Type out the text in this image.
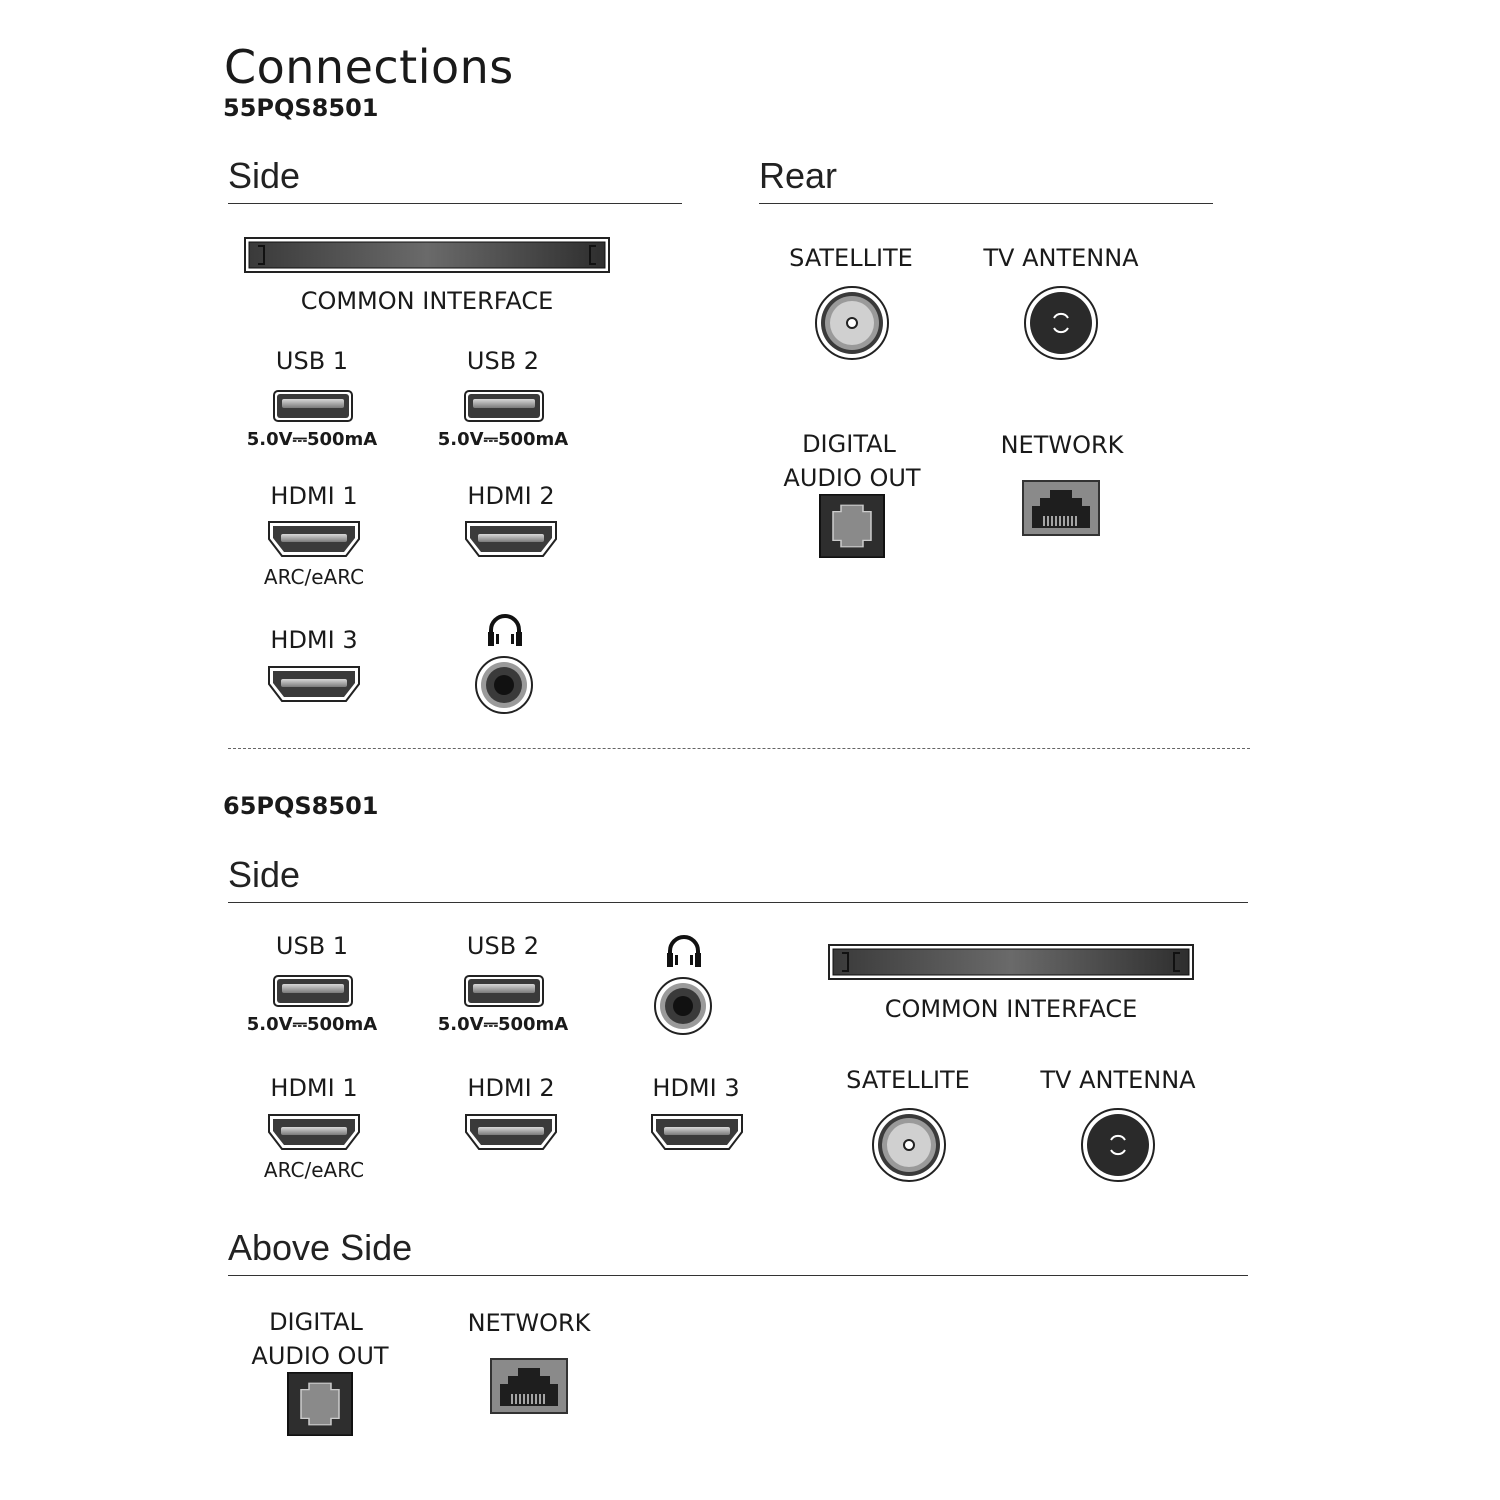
Connections
55PQS8501
Side
COMMON INTERFACE
USB 1
5.0V⎓500mA
USB 2
5.0V⎓500mA
HDMI 1
ARC/eARC
HDMI 2
HDMI 3
Rear
SATELLITE	TV ANTENNA
DIGITAL
AUDIO OUT
NETWORK
65PQS8501
Side
USB 1
5.0V⎓500mA
USB 2
5.0V⎓500mA
COMMON INTERFACE
HDMI 1
ARC/eARC
HDMI 2	HDMI 3	SATELLITE	TV ANTENNA
Above Side
DIGITAL
AUDIO OUT
NETWORK
